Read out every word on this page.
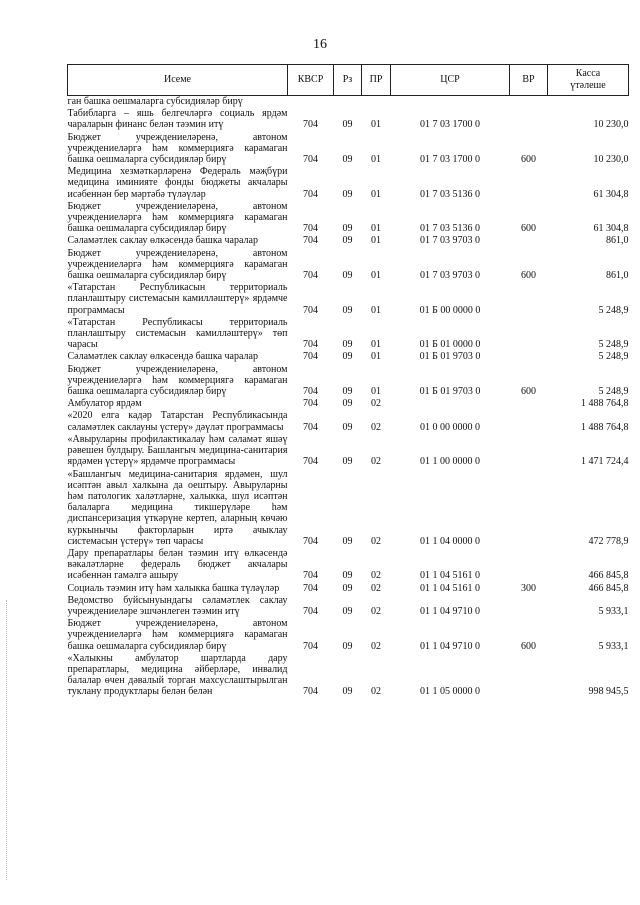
16
Исеме	КВСР	Рз	ПР	ЦСР	ВР	Касса
үтәлеше

ган башка оешмаларга субсидияләр бирү						
Табибларга – яшь белгечләргә социаль ярдәм чараларын финанс белән тәэмин итү	704	09	01	01 7 03 1700 0		10 230,0
Бюджет учреждениеләренә, автоном учреждениеләргә һәм коммерциягә карамаган башка оешмаларга субсидияләр бирү	704	09	01	01 7 03 1700 0	600	10 230,0
Медицина хезмәткәрләренә Федераль мәҗбүри медицина иминияте фонды бюджеты акчалары исәбеннән бер мәртәбә түләүләр	704	09	01	01 7 03 5136 0		61 304,8
Бюджет учреждениеләренә, автоном учреждениеләргә һәм коммерциягә карамаган башка оешмаларга субсидияләр бирү	704	09	01	01 7 03 5136 0	600	61 304,8
Сәламәтлек саклау өлкәсендә башка чаралар	704	09	01	01 7 03 9703 0		861,0
Бюджет учреждениеләренә, автоном учреждениеләргә һәм коммерциягә карамаган башка оешмаларга субсидияләр бирү	704	09	01	01 7 03 9703 0	600	861,0
«Татарстан Республикасын территориаль планлаштыру системасын камилләштерү» ярдәмче программасы	704	09	01	01 Б 00 0000 0		5 248,9
«Татарстан Республикасы территориаль планлаштыру системасын камилләштерү» төп чарасы	704	09	01	01 Б 01 0000 0		5 248,9
Сәламәтлек саклау өлкәсендә башка чаралар	704	09	01	01 Б 01 9703 0		5 248,9
Бюджет учреждениеләренә, автоном учреждениеләргә һәм коммерциягә карамаган башка оешмаларга субсидияләр бирү	704	09	01	01 Б 01 9703 0	600	5 248,9
Амбулатор ярдәм	704	09	02			1 488 764,8
«2020 елга кадәр Татарстан Республикасында сәламәтлек саклауны үстерү» дәүләт программасы	704	09	02	01 0 00 0000 0		1 488 764,8
«Авыруларны профилактикалау һәм сәламәт яшәү рәвешен булдыру. Башлангыч медицина-санитария ярдәмен үстерү» ярдәмче программасы	704	09	02	01 1 00 0000 0		1 471 724,4
«Башлангыч медицина-санитария ярдәмен, шул исәптән авыл халкына да оештыру. Авыруларны һәм патологик халәтләрне, халыкка, шул исәптән балаларга медицина тикшерүләре һәм диспансеризация үткәрүне кертеп, аларның көчәю куркынычы факторларын иртә ачыклау системасын үстерү» төп чарасы	704	09	02	01 1 04 0000 0		472 778,9
Дару препаратлары белән тәэмин итү өлкәсендә вәкаләтләрне федераль бюджет акчалары исәбеннән гамәлгә ашыру	704	09	02	01 1 04 5161 0		466 845,8
Социаль тәэмин итү һәм халыкка башка түләүләр	704	09	02	01 1 04 5161 0	300	466 845,8
Ведомство буйсынуындагы сәламәтлек саклау учреждениеләре эшчәнлеген тәэмин итү	704	09	02	01 1 04 9710 0		5 933,1
Бюджет учреждениеләренә, автоном учреждениеләргә һәм коммерциягә карамаган башка оешмаларга субсидияләр бирү	704	09	02	01 1 04 9710 0	600	5 933,1
«Халыкны амбулатор шартларда дару препаратлары, медицина әйберләре, инвалид балалар өчен дәвалый торган махсуслаштырылган туклану продуктлары белән белән	704	09	02	01 1 05 0000 0		998 945,5
